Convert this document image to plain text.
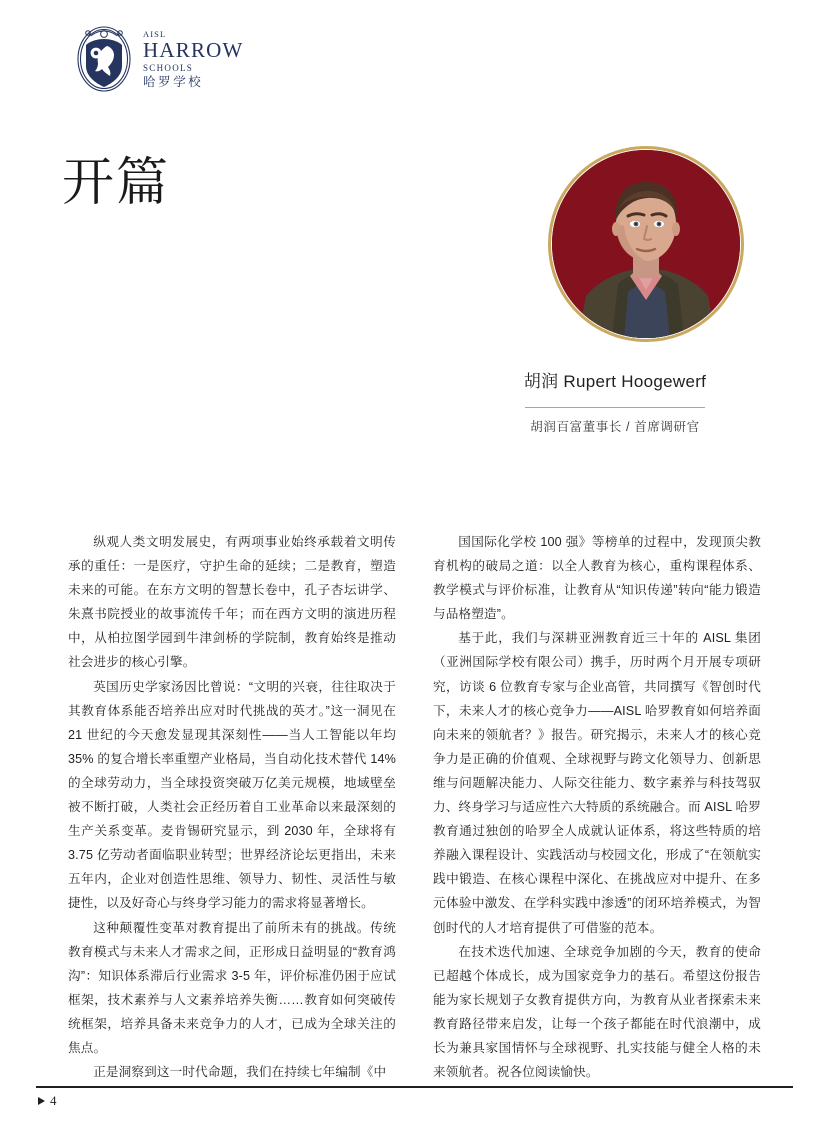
AISL
HARROW
SCHOOLS
哈罗学校
开篇
胡润 Rupert Hoogewerf
胡润百富董事长 / 首席调研官

纵观人类文明发展史，有两项事业始终承载着文明传承的重任：一是医疗，守护生命的延续；二是教育，塑造未来的可能。在东方文明的智慧长卷中，孔子杏坛讲学、朱熹书院授业的故事流传千年；而在西方文明的演进历程中，从柏拉图学园到牛津剑桥的学院制，教育始终是推动社会进步的核心引擎。

英国历史学家汤因比曾说：“文明的兴衰，往往取决于其教育体系能否培养出应对时代挑战的英才。”这一洞见在 21 世纪的今天愈发显现其深刻性——当人工智能以年均 35% 的复合增长率重塑产业格局，当自动化技术替代 14% 的全球劳动力，当全球投资突破万亿美元规模，地域壁垒被不断打破，人类社会正经历着自工业革命以来最深刻的生产关系变革。麦肯锡研究显示，到 2030 年，全球将有 3.75 亿劳动者面临职业转型；世界经济论坛更指出，未来五年内，企业对创造性思维、领导力、韧性、灵活性与敏捷性，以及好奇心与终身学习能力的需求将显著增长。

这种颠覆性变革对教育提出了前所未有的挑战。传统教育模式与未来人才需求之间，正形成日益明显的“教育鸿沟”：知识体系滞后行业需求 3-5 年，评价标准仍困于应试框架，技术素养与人文素养培养失衡……教育如何突破传统框架，培养具备未来竞争力的人才，已成为全球关注的焦点。

正是洞察到这一时代命题，我们在持续七年编制《中

国国际化学校 100 强》等榜单的过程中，发现顶尖教育机构的破局之道：以全人教育为核心，重构课程体系、教学模式与评价标准，让教育从“知识传递”转向“能力锻造与品格塑造”。

基于此，我们与深耕亚洲教育近三十年的 AISL 集团（亚洲国际学校有限公司）携手，历时两个月开展专项研究，访谈 6 位教育专家与企业高管，共同撰写《智创时代下，未来人才的核心竞争力——AISL 哈罗教育如何培养面向未来的领航者？》报告。研究揭示，未来人才的核心竞争力是正确的价值观、全球视野与跨文化领导力、创新思维与问题解决能力、人际交往能力、数字素养与科技驾驭力、终身学习与适应性六大特质的系统融合。而 AISL 哈罗教育通过独创的哈罗全人成就认证体系，将这些特质的培养融入课程设计、实践活动与校园文化，形成了“在领航实践中锻造、在核心课程中深化、在挑战应对中提升、在多元体验中激发、在学科实践中渗透”的闭环培养模式，为智创时代的人才培育提供了可借鉴的范本。

在技术迭代加速、全球竞争加剧的今天，教育的使命已超越个体成长，成为国家竞争力的基石。希望这份报告能为家长规划子女教育提供方向，为教育从业者探索未来教育路径带来启发，让每一个孩子都能在时代浪潮中，成长为兼具家国情怀与全球视野、扎实技能与健全人格的未来领航者。祝各位阅读愉快。

4
